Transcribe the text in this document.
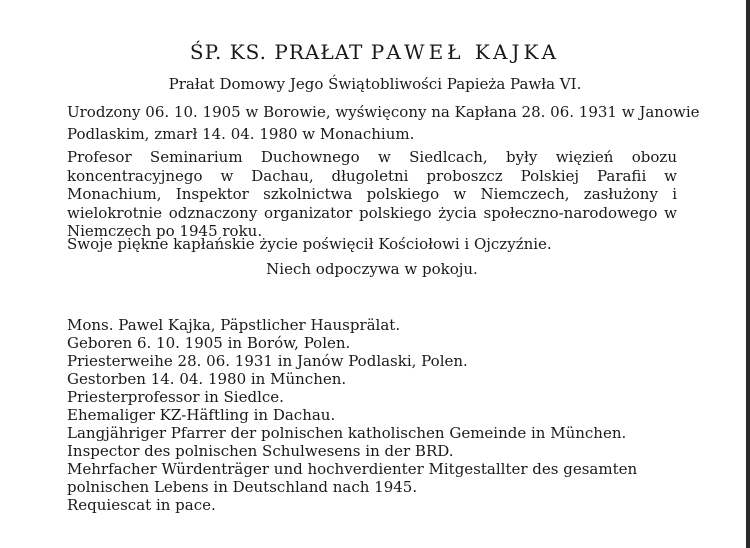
ŚP. KS. PRAŁAT PAWEŁ KAJKA
Prałat Domowy Jego Świątobliwości Papieża Pawła VI.

Urodzony 06. 10. 1905 w Borowie, wyświęcony na Kapłana 28. 06. 1931 w Janowie

Podlaskim, zmarł 14. 04. 1980 w Monachium.

Profesor Seminarium Duchownego w Siedlcach, były więzień obozu koncentracyjnego w Dachau, długoletni proboszcz Polskiej Parafii w Monachium, Inspektor szkolnictwa polskiego w Niemczech, zasłużony i wielokrotnie odznaczony organizator polskiego życia społeczno-narodowego w Niemczech po 1945 roku.

Swoje piękne kapłańskie życie poświęcił Kościołowi i Ojczyźnie.

Niech odpoczywa w pokoju.

Mons. Pawel Kajka, Päpstlicher Hausprälat.

Geboren 6. 10. 1905 in Borów, Polen.

Priesterweihe 28. 06. 1931 in Janów Podlaski, Polen.

Gestorben 14. 04. 1980 in München.

Priesterprofessor in Siedlce.

Ehemaliger KZ-Häftling in Dachau.

Langjähriger Pfarrer der polnischen katholischen Gemeinde in München.

Inspector des polnischen Schulwesens in der BRD.

Mehrfacher Würdenträger und hochverdienter Mitgestallter des gesamten

polnischen Lebens in Deutschland nach 1945.

Requiescat in pace.
